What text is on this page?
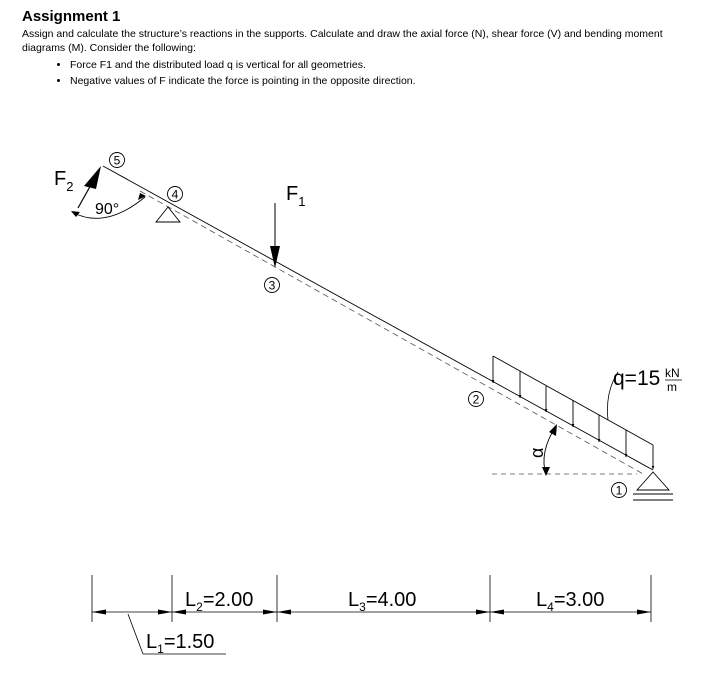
Assignment 1

Assign and calculate the structure’s reactions in the supports. Calculate and draw the axial force (N), shear force (V) and bending moment diagrams (M). Consider the following:

• Force F1 and the distributed load q is vertical for all geometries.
• Negative values of F indicate the force is pointing in the opposite direction.
5
4
3
2
1
$F_1$
$F_2$
90°
q=15 kN
m
α
$L_1=1.50$
$L_2=2.00$	$L_3=4.00$	$L_4=3.00$
